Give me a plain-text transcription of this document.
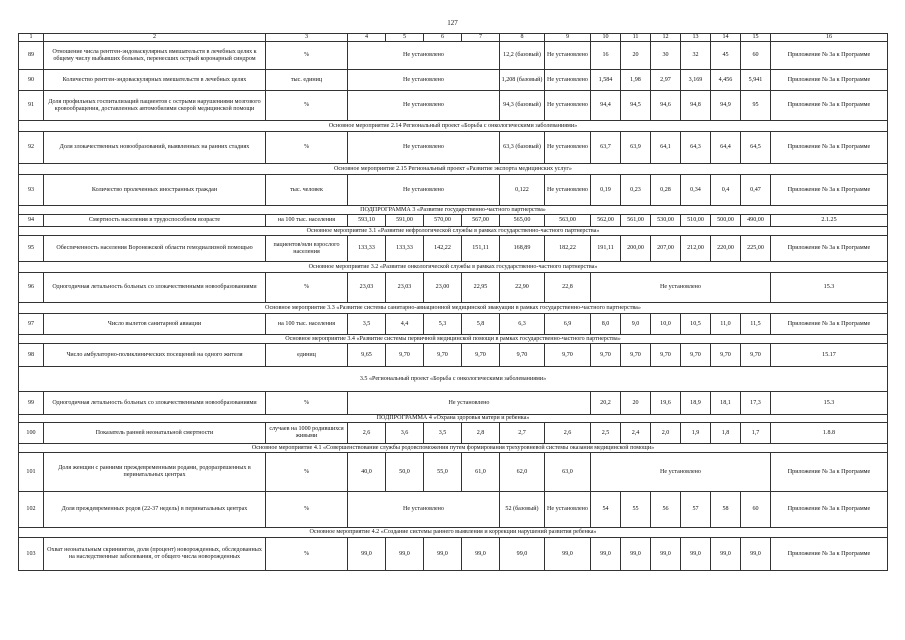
127
1	2	3	4	5	6	7	8	9	10	11	12	13	14	15	16
89	Отношение числа рентген-эндоваскулярных вмешательств в лечебных целях к общему числу выбывших больных, перенесших острый коронарный синдром	%	Не установлено				12,2 (базовый)	Не установлено	16	20	30	32	45	60	Приложение № 3а к Программе
90	Количество рентген-эндоваскулярных вмешательств в лечебных целях	тыс. единиц	Не установлено				1,208 (базовый)	Не установлено	1,584	1,98	2,97	3,169	4,456	5,941	Приложение № 3а к Программе
91	Доля профильных госпитализаций пациентов с острыми нарушениями мозгового кровообращения, доставленных автомобилями скорой медицинской помощи	%	Не установлено				94,3 (базовый)	Не установлено	94,4	94,5	94,6	94,8	94,9	95	Приложение № 3а к Программе
Основное мероприятие 2.14 Региональный проект «Борьба с онкологическими заболеваниями»															
92	Доля злокачественных новообразований, выявленных на ранних стадиях	%	Не установлено				63,3 (базовый)	Не установлено	63,7	63,9	64,1	64,3	64,4	64,5	Приложение № 3а к Программе
Основное мероприятие 2.15 Региональный проект «Развитие экспорта медицинских услуг»															
93	Количество пролеченных иностранных граждан	тыс. человек	Не установлено				0,122	Не установлено	0,19	0,23	0,28	0,34	0,4	0,47	Приложение № 3а к Программе
ПОДПРОГРАММА 3 «Развитие государственно-частного партнерства»															
94	Смертность населения в трудоспособном возрасте	на 100 тыс. населения	593,10	591,00	570,00	567,00	565,00	563,00	562,00	561,00	530,00	510,00	500,00	490,00	2.1.25
Основное мероприятие 3.1 «Развитие нефрологической службы в рамках государственно-частного партнерства»															
95	Обеспеченность населения Воронежской области гемодиализной помощью	пациентов/млн взрослого населения	133,33	133,33	142,22	151,11	168,89	182,22	191,11	200,00	207,00	212,00	220,00	225,00	Приложение № 3а к Программе
Основное мероприятие 3.2 «Развитие онкологической службы в рамках государственно-частного партнерства»															
96	Одногодичная летальность больных со злокачественными новообразованиями	%	23,03	23,03	23,00	22,95	22,90	22,8	Не установлено						15.3
Основное мероприятие 3.3 «Развитие системы санитарно-авиационной медицинской эвакуации в рамках государственно-частного партнерства»															
97	Число вылетов санитарной авиации	на 100 тыс. населения	3,5	4,4	5,3	5,8	6,3	6,9	8,0	9,0	10,0	10,5	11,0	11,5	Приложение № 3а к Программе
Основное мероприятие 3.4 «Развитие системы первичной медицинской помощи в рамках государственно-частного партнерства»															
98	Число амбулаторно-поликлинических посещений на одного жителя	единиц	9,65	9,70	9,70	9,70	9,70	9,70	9,70	9,70	9,70	9,70	9,70	9,70	15.17
3.5 «Региональный проект «Борьба с онкологическими заболеваниями»															
99	Одногодичная летальность больных со злокачественными новообразованиями	%	Не установлено						20,2	20	19,6	18,9	18,1	17,3	15.3
ПОДПРОГРАММА 4 «Охрана здоровья матери и ребенка»															
100	Показатель ранней неонатальной смертности	случаев на 1000 родившихся живыми	2,6	3,6	3,5	2,8	2,7	2,6	2,5	2,4	2,0	1,9	1,8	1,7	1.8.8
Основное мероприятие 4.1 «Совершенствование службы родовспоможения путем формирования трехуровневой системы оказания медицинской помощи»															
101	Доля женщин с ранними преждевременными родами, родоразрешенных в перинатальных центрах	%	40,0	50,0	55,0	61,0	62,0	63,0	Не установлено						Приложение № 3а к Программе
102	Доля преждевременных родов (22-37 недель) в перинатальных центрах	%	Не установлено				52 (базовый)	Не установлено	54	55	56	57	58	60	Приложение № 3а к Программе
Основное мероприятие 4.2 «Создание системы раннего выявления и коррекции нарушений развития ребенка»															
103	Охват неонатальным скринингом, доля (процент) новорожденных, обследованных на наследственные заболевания, от общего числа новорожденных	%	99,0	99,0	99,0	99,0	99,0	99,0	99,0	99,0	99,0	99,0	99,0	99,0	Приложение № 3а к Программе
